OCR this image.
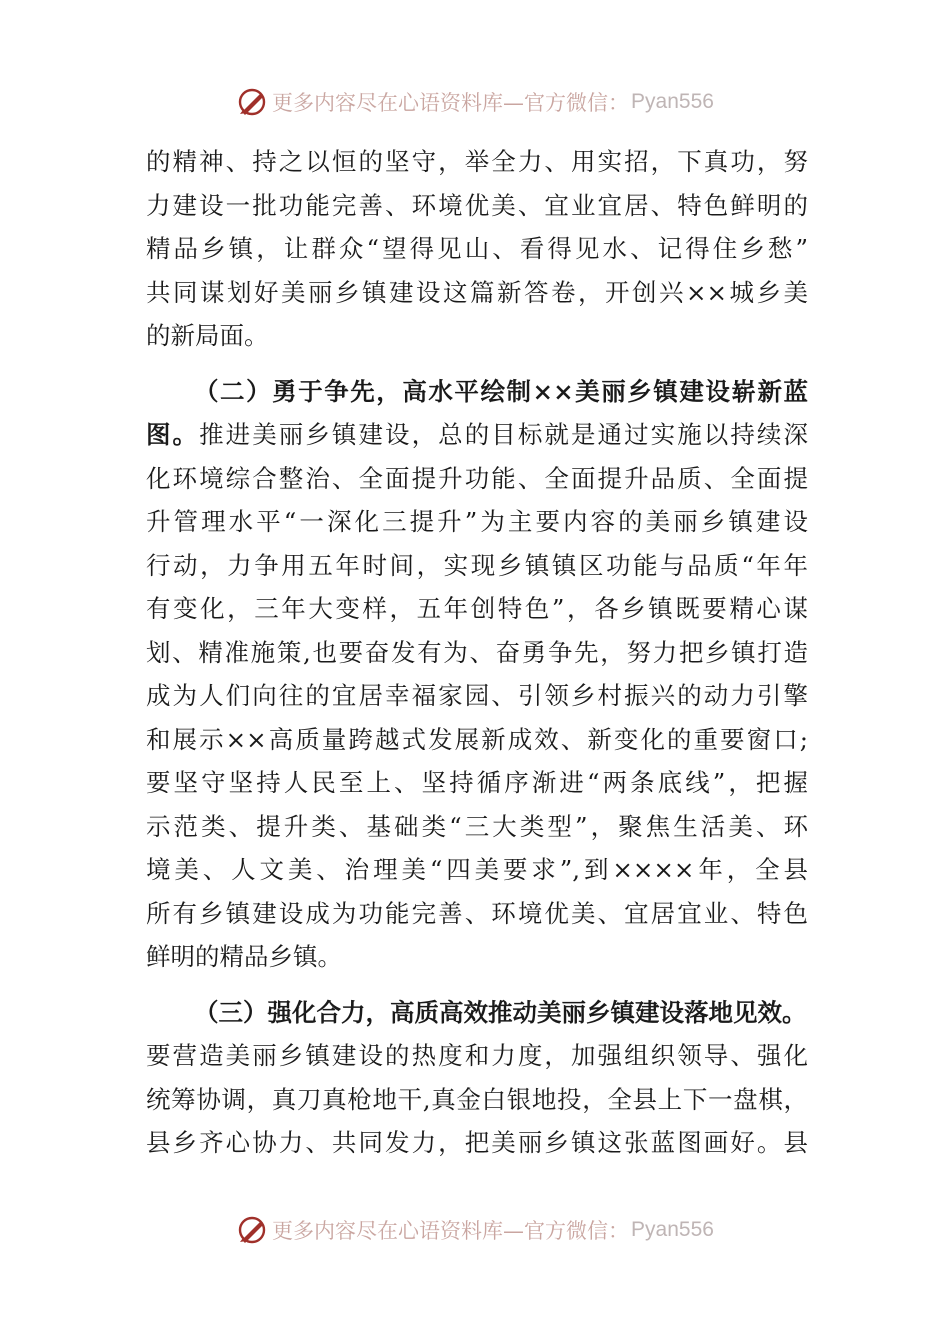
更多内容尽在心语资料库—官方微信： Pyan556
的精神、持之以恒的坚守，举全力、用实招，下真功，努
力建设一批功能完善、环境优美、宜业宜居、特色鲜明的
精品乡镇，让群众“望得见山、看得见水、记得住乡愁”
共同谋划好美丽乡镇建设这篇新答卷，开创兴××城乡美
的新局面。
（二）勇于争先，高水平绘制××美丽乡镇建设崭新蓝
图。推进美丽乡镇建设，总的目标就是通过实施以持续深
化环境综合整治、全面提升功能、全面提升品质、全面提
升管理水平“一深化三提升”为主要内容的美丽乡镇建设
行动，力争用五年时间，实现乡镇镇区功能与品质“年年
有变化，三年大变样，五年创特色”，各乡镇既要精心谋
划、精准施策,也要奋发有为、奋勇争先，努力把乡镇打造
成为人们向往的宜居幸福家园、引领乡村振兴的动力引擎
和展示××高质量跨越式发展新成效、新变化的重要窗口;
要坚守坚持人民至上、坚持循序渐进“两条底线”，把握
示范类、提升类、基础类“三大类型”，聚焦生活美、环
境美、人文美、治理美“四美要求”,到××××年，全县
所有乡镇建设成为功能完善、环境优美、宜居宜业、特色
鲜明的精品乡镇。
（三）强化合力，高质高效推动美丽乡镇建设落地见效。
要营造美丽乡镇建设的热度和力度，加强组织领导、强化
统筹协调，真刀真枪地干,真金白银地投，全县上下一盘棋，
县乡齐心协力、共同发力，把美丽乡镇这张蓝图画好。县
更多内容尽在心语资料库—官方微信： Pyan556
